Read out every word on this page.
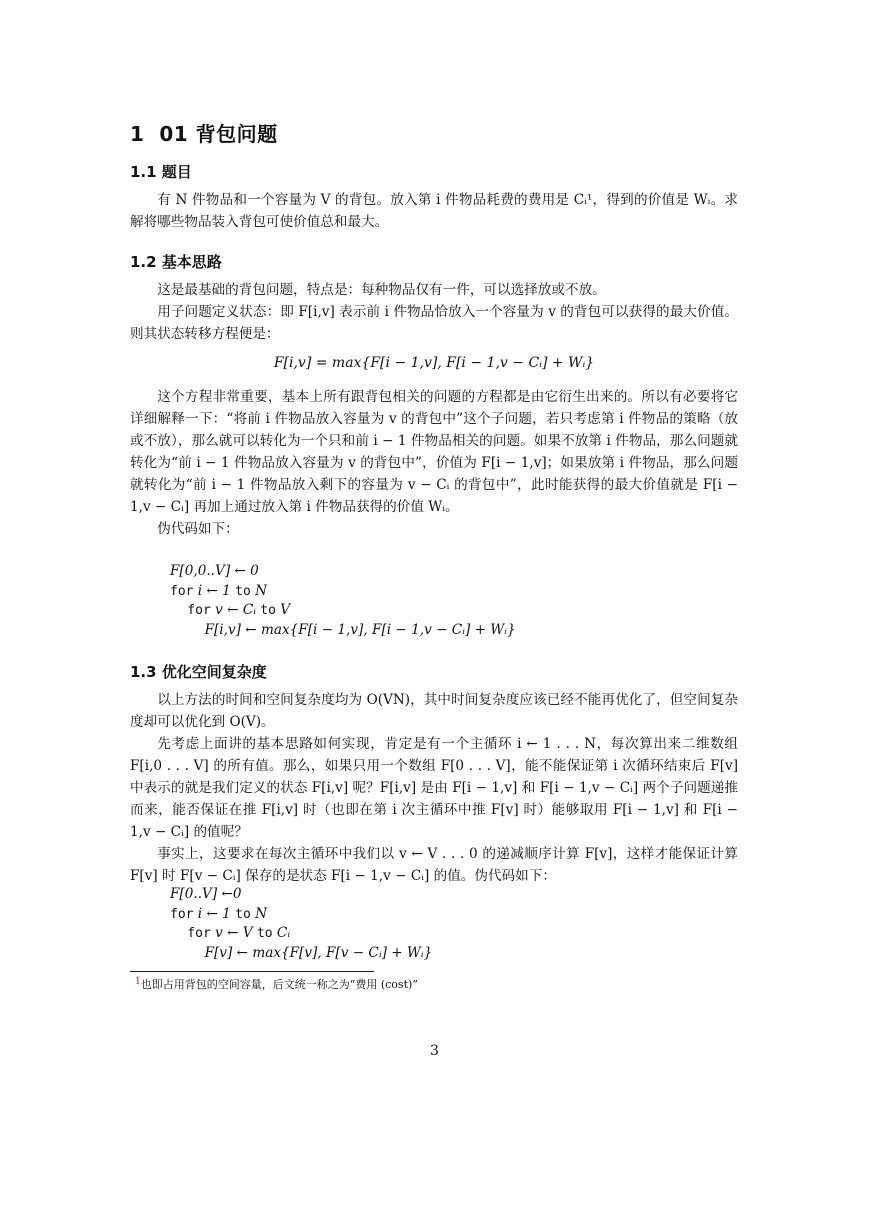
1 01 背包问题
1.1 题目

有 N 件物品和一个容量为 V 的背包。放入第 i 件物品耗费的费用是 Cᵢ¹，得到的价值是 Wᵢ。求解将哪些物品装入背包可使价值总和最大。

1.2 基本思路

这是最基础的背包问题，特点是：每种物品仅有一件，可以选择放或不放。

用子问题定义状态：即 F[i,v] 表示前 i 件物品恰放入一个容量为 v 的背包可以获得的最大价值。则其状态转移方程便是：

F[i,v] = max{F[i − 1,v], F[i − 1,v − Cᵢ] + Wᵢ}

这个方程非常重要，基本上所有跟背包相关的问题的方程都是由它衍生出来的。所以有必要将它详细解释一下：“将前 i 件物品放入容量为 v 的背包中”这个子问题，若只考虑第 i 件物品的策略（放或不放），那么就可以转化为一个只和前 i − 1 件物品相关的问题。如果不放第 i 件物品，那么问题就转化为“前 i − 1 件物品放入容量为 v 的背包中”，价值为 F[i − 1,v]；如果放第 i 件物品，那么问题就转化为“前 i − 1 件物品放入剩下的容量为 v − Cᵢ 的背包中”，此时能获得的最大价值就是 F[i − 1,v − Cᵢ] 再加上通过放入第 i 件物品获得的价值 Wᵢ。

伪代码如下：

F[0,0..V] ← 0
for i ← 1 to N
for v ← Cᵢ to V
F[i,v] ← max{F[i − 1,v], F[i − 1,v − Cᵢ] + Wᵢ}
1.3 优化空间复杂度

以上方法的时间和空间复杂度均为 O(VN)，其中时间复杂度应该已经不能再优化了，但空间复杂度却可以优化到 O(V)。

先考虑上面讲的基本思路如何实现，肯定是有一个主循环 i ← 1 . . . N，每次算出来二维数组 F[i,0 . . . V] 的所有值。那么，如果只用一个数组 F[0 . . . V]，能不能保证第 i 次循环结束后 F[v] 中表示的就是我们定义的状态 F[i,v] 呢？F[i,v] 是由 F[i − 1,v] 和 F[i − 1,v − Cᵢ] 两个子问题递推而来，能否保证在推 F[i,v] 时（也即在第 i 次主循环中推 F[v] 时）能够取用 F[i − 1,v] 和 F[i − 1,v − Cᵢ] 的值呢？

事实上，这要求在每次主循环中我们以 v ← V . . . 0 的递减顺序计算 F[v]，这样才能保证计算 F[v] 时 F[v − Cᵢ] 保存的是状态 F[i − 1,v − Cᵢ] 的值。伪代码如下：

F[0..V] ←0
for i ← 1 to N
for v ← V to Cᵢ
F[v] ← max{F[v], F[v − Cᵢ] + Wᵢ}
$^1$也即占用背包的空间容量，后文统一称之为“费用 (cost)”
3
